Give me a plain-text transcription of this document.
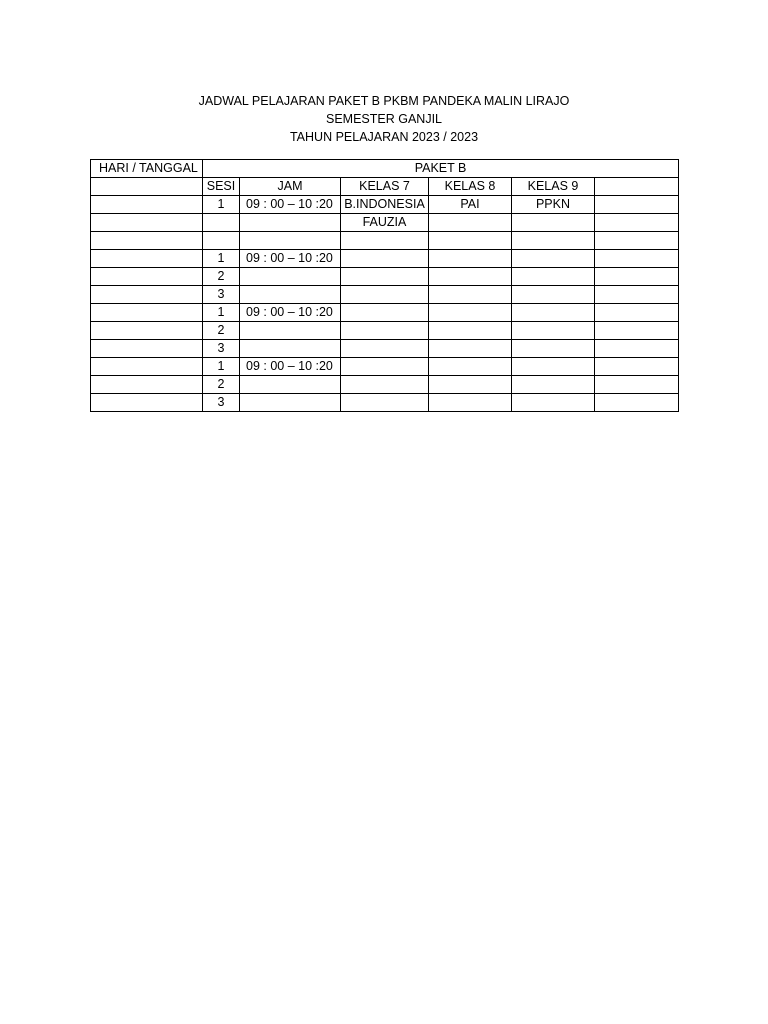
JADWAL PELAJARAN PAKET B PKBM PANDEKA MALIN LIRAJO
SEMESTER GANJIL
TAHUN PELAJARAN 2023 / 2023
HARI / TANGGAL	PAKET B					
	SESI	JAM	KELAS 7	KELAS 8	KELAS 9	
	1	09 : 00 – 10 :20	B.INDONESIA	PAI	PPKN	
			FAUZIA			

	1	09 : 00 – 10 :20				
	2					
	3					
	1	09 : 00 – 10 :20				
	2					
	3					
	1	09 : 00 – 10 :20				
	2					
	3					
